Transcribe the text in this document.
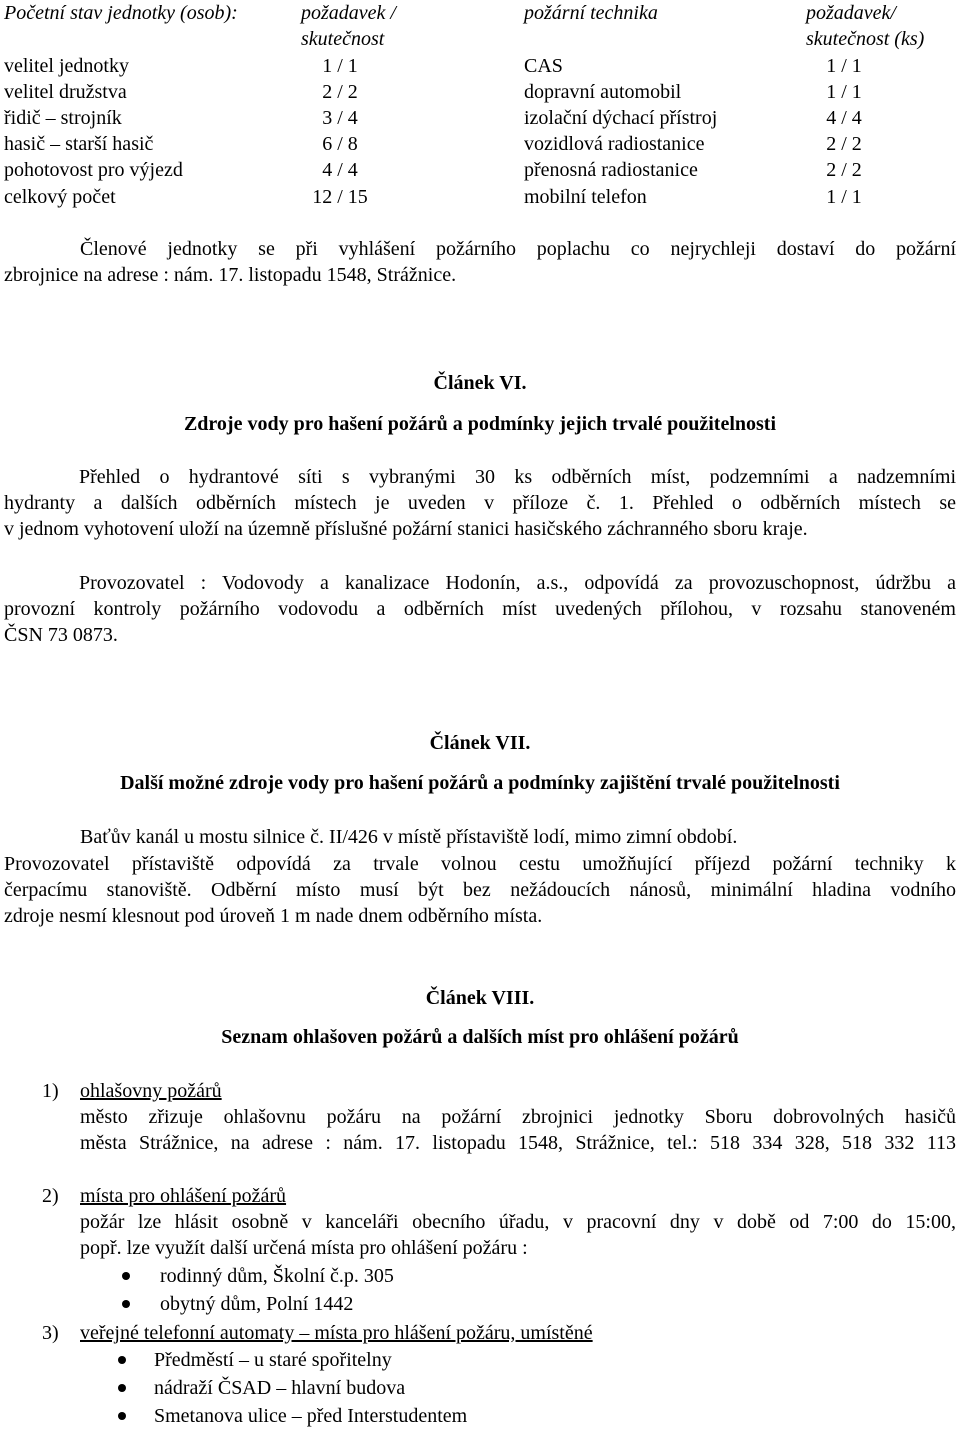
Početní stav jednotky (osob):	požadavek /
skutečnost
požární technika	požadavek/
skutečnost (ks)
velitel jednotky	1 / 1	CAS	1 / 1
velitel družstva	2 / 2	dopravní automobil	1 / 1
řidič – strojník	3 / 4	izolační dýchací přístroj	4 / 4
hasič – starší hasič	6 / 8	vozidlová radiostanice	2 / 2
pohotovost pro výjezd	4 / 4	přenosná radiostanice	2 / 2
celkový počet	12 / 15	mobilní telefon	1 / 1
Členové jednotky se při vyhlášení požárního poplachu co nejrychleji dostaví do požární
zbrojnice na adrese : nám. 17. listopadu 1548, Strážnice.
Článek VI.
Zdroje vody pro hašení požárů a podmínky jejich trvalé použitelnosti
Přehled o hydrantové síti s vybranými 30 ks odběrních míst, podzemními a nadzemními
hydranty a dalších odběrních místech je uveden v příloze č. 1. Přehled o odběrních místech se
v jednom vyhotovení uloží na územně příslušné požární stanici hasičského záchranného sboru kraje.
Provozovatel : Vodovody a kanalizace Hodonín, a.s., odpovídá za provozuschopnost, údržbu a
provozní kontroly požárního vodovodu a odběrních míst uvedených přílohou, v rozsahu stanoveném
ČSN 73 0873.
Článek VII.
Další možné zdroje vody pro hašení požárů a podmínky zajištění trvalé použitelnosti
Baťův kanál u mostu silnice č. II/426 v místě přístaviště lodí, mimo zimní období.
Provozovatel přístaviště odpovídá za trvale volnou cestu umožňující příjezd požární techniky k
čerpacímu stanoviště. Odběrní místo musí být bez nežádoucích nánosů, minimální hladina vodního
zdroje nesmí klesnout pod úroveň 1 m nade dnem odběrního místa.
Článek VIII.
Seznam ohlašoven požárů a dalších míst pro ohlášení požárů
1) ohlašovny požárů
město zřizuje ohlašovnu požáru na požární zbrojnici jednotky Sboru dobrovolných hasičů
města Strážnice, na adrese : nám. 17. listopadu 1548, Strážnice, tel.: 518 334 328, 518 332 113
2) místa pro ohlášení požárů
požár lze hlásit osobně v kanceláři obecního úřadu, v pracovní dny v době od 7:00 do 15:00,
popř. lze využít další určená místa pro ohlášení požáru :
rodinný dům, Školní č.p. 305
obytný dům, Polní 1442
3) veřejné telefonní automaty – místa pro hlášení požáru, umístěné
Předměstí – u staré spořitelny
nádraží ČSAD – hlavní budova
Smetanova ulice – před Interstudentem
